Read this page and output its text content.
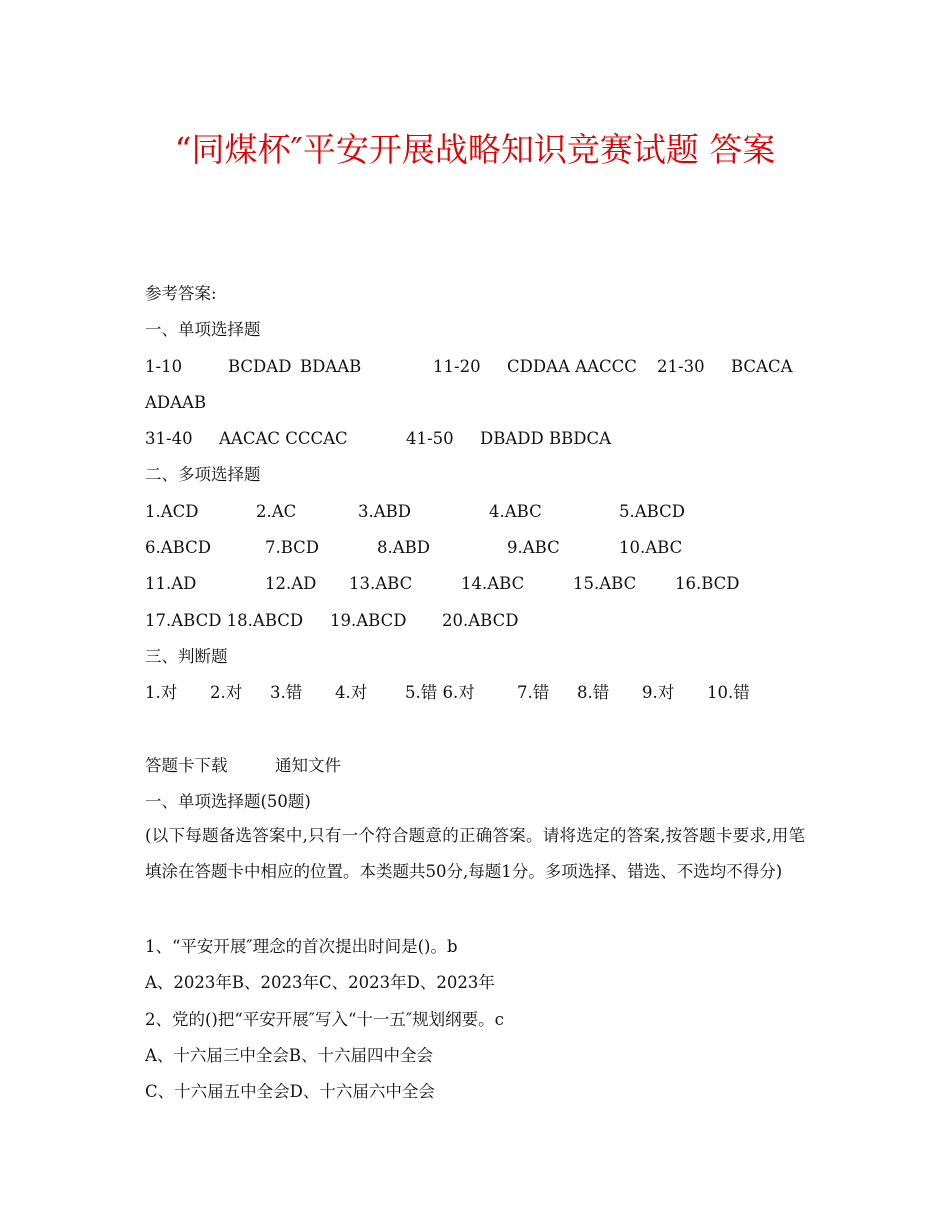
“同煤杯″平安开展战略知识竞赛试题 答案
参考答案:
一、单项选择题
1-10	BCDAD BDAAB	11-20 CDDAA AACCC 21-30 BCACA
ADAAB
31-40 AACAC CCCAC	41-50 DBADD BBDCA
二、多项选择题
1.ACD	2.AC	3.ABD	4.ABC	5.ABCD
6.ABCD	7.BCD	8.ABD	9.ABC	10.ABC
11.AD	12.AD 13.ABC	14.ABC	15.ABC 16.BCD
17.ABCD 18.ABCD 19.ABCD 20.ABCD
三、判断题
1.对 2.对 3.错 4.对 5.错 6.对	7.错 8.错 9.对 10.错
答题卡下载	通知文件
一、单项选择题(50题)
(以下每题备选答案中,只有一个符合题意的正确答案。请将选定的答案,按答题卡要求,用笔填涂在答题卡中相应的位置。本类题共50分,每题1分。多项选择、错选、不选均不得分)
1、“平安开展″理念的首次提出时间是()。b
A、2023年B、2023年C、2023年D、2023年
2、党的()把“平安开展″写入“十一五″规划纲要。c
A、十六届三中全会B、十六届四中全会
C、十六届五中全会D、十六届六中全会
